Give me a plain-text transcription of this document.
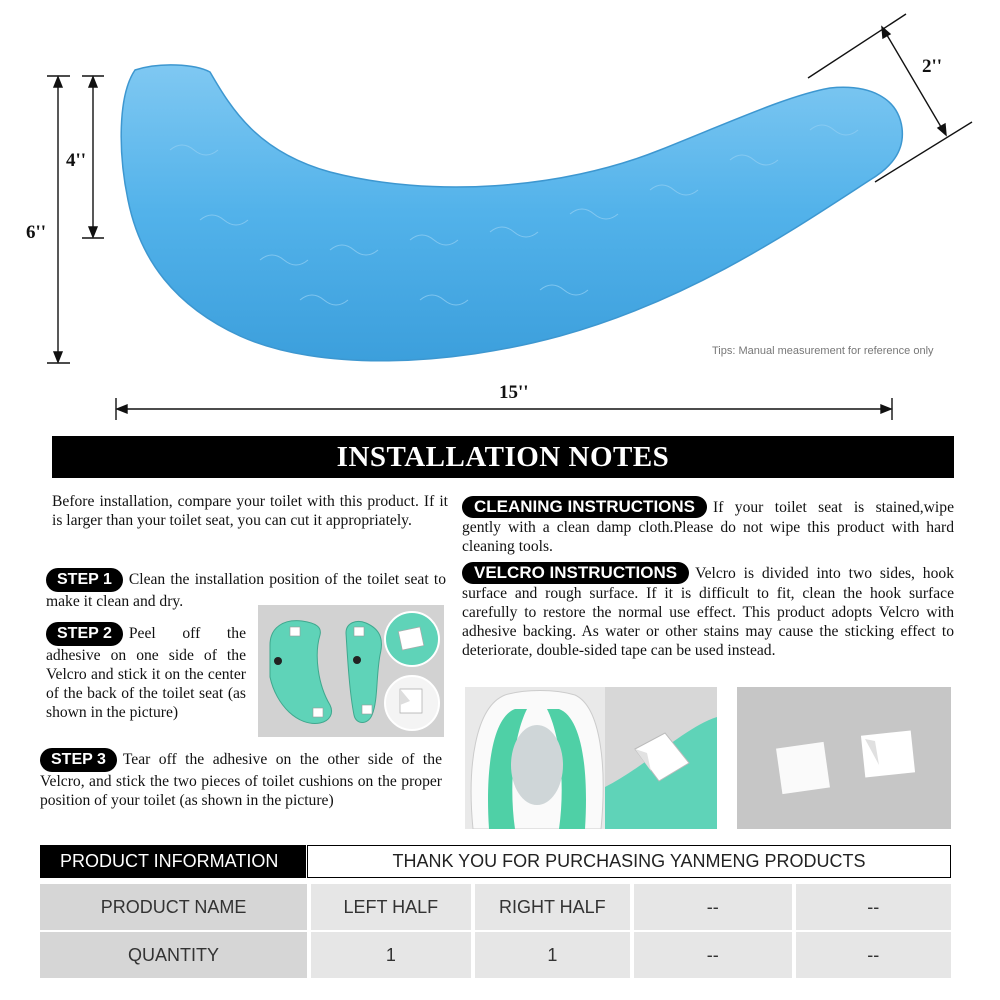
6''
4''
2''
15''
Tips: Manual measurement for reference only
INSTALLATION NOTES

Before installation, compare your toilet with this product. If it is larger than your toilet seat, you can cut it appropriately.

STEP 1 Clean the installation position of the toilet seat to make it clean and dry.

STEP 2 Peel off the adhesive on one side of the Velcro and stick it on the center of the back of the toilet seat (as shown in the picture)

STEP 3 Tear off the adhesive on the other side of the Velcro, and stick the two pieces of toilet cushions on the proper position of your toilet (as shown in the picture)

CLEANING INSTRUCTIONS If your toilet seat is stained,wipe gently with a clean damp cloth.Please do not wipe this product with hard cleaning tools.

VELCRO INSTRUCTIONS Velcro is divided into two sides, hook surface and rough surface. If it is difficult to fit, clean the hook surface carefully to restore the normal use effect. This product adopts Velcro with adhesive backing. As water or other stains may cause the sticking effect to deteriorate, double-sided tape can be used instead.

PRODUCT INFORMATION	THANK YOU FOR PURCHASING YANMENG PRODUCTS
PRODUCT NAME	LEFT HALF	RIGHT HALF	--	--
QUANTITY	1	1	--	--
